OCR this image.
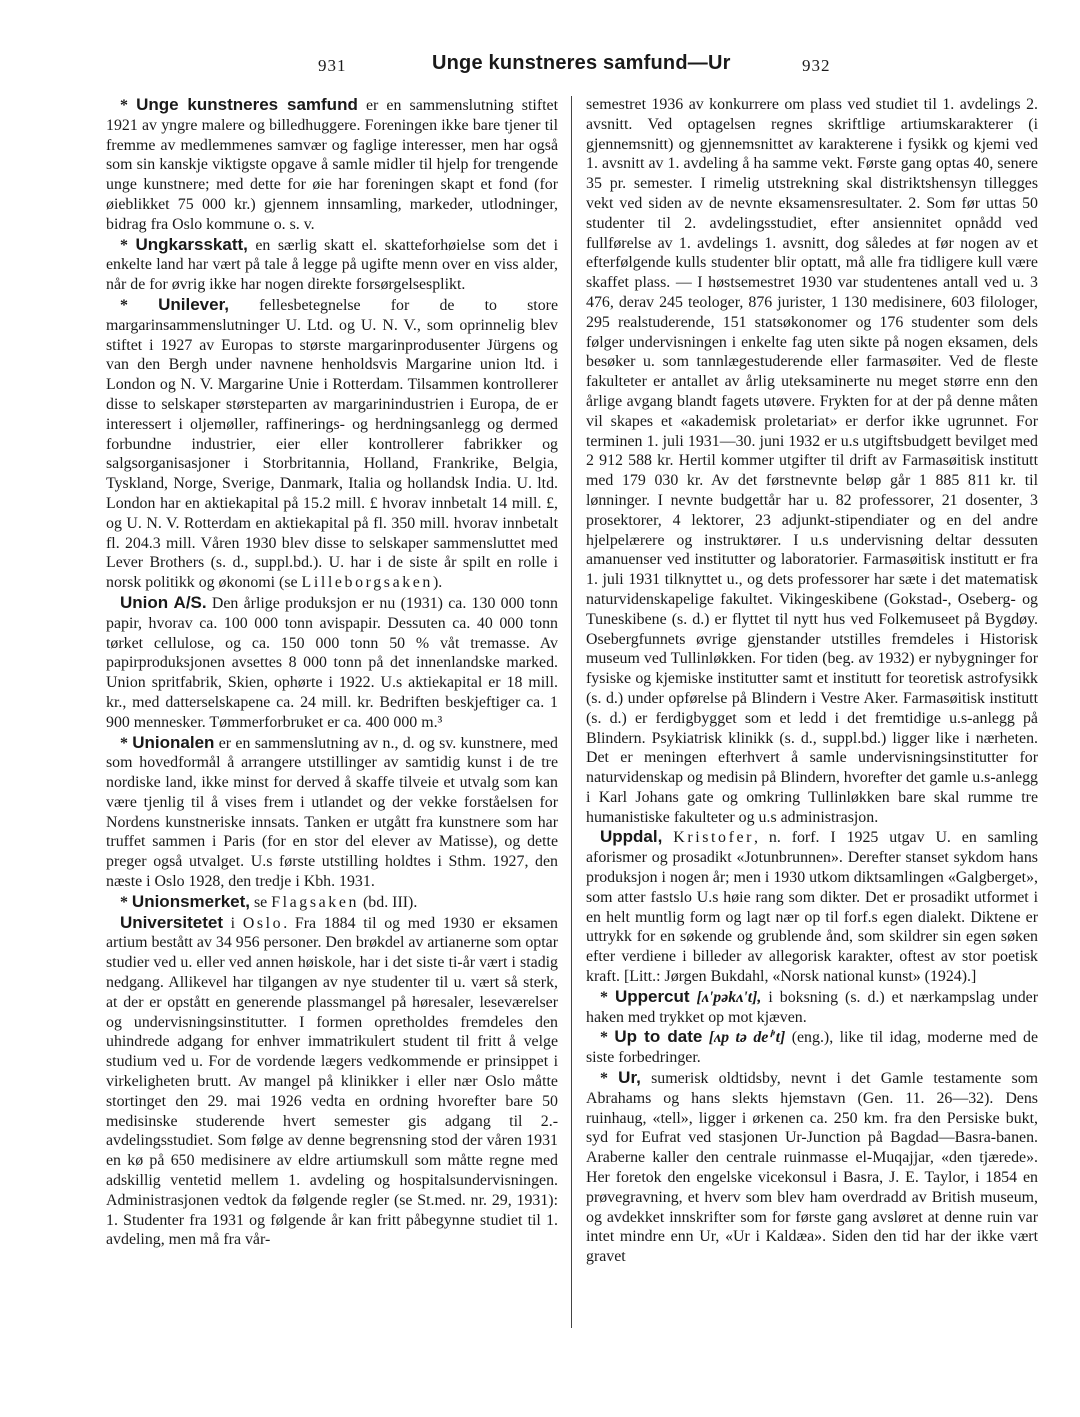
931	Unge kunstneres samfund—Ur	932

* Unge kunstneres samfund er en sammenslutning stiftet 1921 av yngre malere og billedhuggere. Foreningen ikke bare tjener til fremme av medlemmenes samvær og faglige interesser, men har også som sin kanskje viktigste opgave å samle midler til hjelp for trengende unge kunstnere; med dette for øie har foreningen skapt et fond (for øieblikket 75 000 kr.) gjennem innsamling, markeder, utlodninger, bidrag fra Oslo kommune o. s. v.

* Ungkarsskatt, en særlig skatt el. skatteforhøielse som det i enkelte land har vært på tale å legge på ugifte menn over en viss alder, når de for øvrig ikke har nogen direkte forsørgelsesplikt.

* Unilever, fellesbetegnelse for de to store margarinsammenslutninger U. Ltd. og U. N. V., som oprinnelig blev stiftet i 1927 av Europas to største margarinprodusenter Jürgens og van den Bergh under navnene henholdsvis Margarine union ltd. i London og N. V. Margarine Unie i Rotterdam. Tilsammen kontrollerer disse to selskaper størsteparten av margarinindustrien i Europa, de er interessert i oljemøller, raffinerings- og herdningsanlegg og dermed forbundne industrier, eier eller kontrollerer fabrikker og salgsorganisasjoner i Storbritannia, Holland, Frankrike, Belgia, Tyskland, Norge, Sverige, Danmark, Italia og hollandsk India. U. ltd. London har en aktiekapital på 15.2 mill. £ hvorav innbetalt 14 mill. £, og U. N. V. Rotterdam en aktiekapital på fl. 350 mill. hvorav innbetalt fl. 204.3 mill. Våren 1930 blev disse to selskaper sammensluttet med Lever Brothers (s. d., suppl.bd.). U. har i de siste år spilt en rolle i norsk politikk og økonomi (se Lilleborgsaken).

Union A/S. Den årlige produksjon er nu (1931) ca. 130 000 tonn papir, hvorav ca. 100 000 tonn avispapir. Dessuten ca. 40 000 tonn tørket cellulose, og ca. 150 000 tonn 50 % våt tremasse. Av papirproduksjonen avsettes 8 000 tonn på det innenlandske marked. Union spritfabrik, Skien, ophørte i 1922. U.s aktiekapital er 18 mill. kr., med datterselskapene ca. 24 mill. kr. Bedriften beskjeftiger ca. 1 900 mennesker. Tømmerforbruket er ca. 400 000 m.³

* Unionalen er en sammenslutning av n., d. og sv. kunstnere, med som hovedformål å arrangere utstillinger av samtidig kunst i de tre nordiske land, ikke minst for derved å skaffe tilveie et utvalg som kan være tjenlig til å vises frem i utlandet og der vekke forståelsen for Nordens kunstneriske innsats. Tanken er utgått fra kunstnere som har truffet sammen i Paris (for en stor del elever av Matisse), og dette preger også utvalget. U.s første utstilling holdtes i Sthm. 1927, den næste i Oslo 1928, den tredje i Kbh. 1931.

* Unionsmerket, se Flagsaken (bd. III).

Universitetet i Oslo. Fra 1884 til og med 1930 er eksamen artium bestått av 34 956 personer. Den brøkdel av artianerne som optar studier ved u. eller ved annen høiskole, har i det siste ti-år vært i stadig nedgang. Allikevel har tilgangen av nye studenter til u. vært så sterk, at der er opstått en generende plassmangel på høresaler, leseværelser og undervisningsinstitutter. I formen opretholdes fremdeles den uhindrede adgang for enhver immatrikulert student til fritt å velge studium ved u. For de vordende lægers vedkommende er prinsippet i virkeligheten brutt. Av mangel på klinikker i eller nær Oslo måtte stortinget den 29. mai 1926 vedta en ordning hvorefter bare 50 medisinske studerende hvert semester gis adgang til 2.-avdelingsstudiet. Som følge av denne begrensning stod der våren 1931 en kø på 650 medisinere av eldre artiumskull som måtte regne med adskillig ventetid mellem 1. avdeling og hospitalsundervisningen. Administrasjonen vedtok da følgende regler (se St.med. nr. 29, 1931): 1. Studenter fra 1931 og følgende år kan fritt påbegynne studiet til 1. avdeling, men må fra vår-

semestret 1936 av konkurrere om plass ved studiet til 1. avdelings 2. avsnitt. Ved optagelsen regnes skriftlige artiumskarakterer (i gjennemsnitt) og gjennemsnittet av karakterene i fysikk og kjemi ved 1. avsnitt av 1. avdeling å ha samme vekt. Første gang optas 40, senere 35 pr. semester. I rimelig utstrekning skal distriktshensyn tillegges vekt ved siden av de nevnte eksamensresultater. 2. Som før uttas 50 studenter til 2. avdelingsstudiet, efter ansiennitet opnådd ved fullførelse av 1. avdelings 1. avsnitt, dog således at før nogen av et efterfølgende kulls studenter blir optatt, må alle fra tidligere kull være skaffet plass. — I høstsemestret 1930 var studentenes antall ved u. 3 476, derav 245 teologer, 876 jurister, 1 130 medisinere, 603 filologer, 295 realstuderende, 151 statsøkonomer og 176 studenter som dels følger undervisningen i enkelte fag uten sikte på nogen eksamen, dels besøker u. som tannlægestuderende eller farmasøiter. Ved de fleste fakulteter er antallet av årlig uteksaminerte nu meget større enn den årlige avgang blandt fagets utøvere. Frykten for at der på denne måten vil skapes et «akademisk proletariat» er derfor ikke ugrunnet. For terminen 1. juli 1931—30. juni 1932 er u.s utgiftsbudgett bevilget med 2 912 588 kr. Hertil kommer utgifter til drift av Farmasøitisk institutt med 179 030 kr. Av det førstnevnte beløp går 1 885 811 kr. til lønninger. I nevnte budgettår har u. 82 professorer, 21 dosenter, 3 prosektorer, 4 lektorer, 23 adjunkt-stipendiater og en del andre hjelpelærere og instruktører. I u.s undervisning deltar dessuten amanuenser ved institutter og laboratorier. Farmasøitisk institutt er fra 1. juli 1931 tilknyttet u., og dets professorer har sæte i det matematisk naturvidenskapelige fakultet. Vikingeskibene (Gokstad-, Oseberg- og Tuneskibene (s. d.) er flyttet til nytt hus ved Folkemuseet på Bygdøy. Osebergfunnets øvrige gjenstander utstilles fremdeles i Historisk museum ved Tullinløkken. For tiden (beg. av 1932) er nybygninger for fysiske og kjemiske institutter samt et institutt for teoretisk astrofysikk (s. d.) under opførelse på Blindern i Vestre Aker. Farmasøitisk institutt (s. d.) er ferdigbygget som et ledd i det fremtidige u.s-anlegg på Blindern. Psykiatrisk klinikk (s. d., suppl.bd.) ligger like i nærheten. Det er meningen efterhvert å samle undervisningsinstitutter for naturvidenskap og medisin på Blindern, hvorefter det gamle u.s-anlegg i Karl Johans gate og omkring Tullinløkken bare skal rumme tre humanistiske fakulteter og u.s administrasjon.

Uppdal, Kristofer, n. forf. I 1925 utgav U. en samling aforismer og prosadikt «Jotunbrunnen». Derefter stanset sykdom hans produksjon i nogen år; men i 1930 utkom diktsamlingen «Galgberget», som atter fastslo U.s høie rang som dikter. Det er prosadikt utformet i en helt muntlig form og lagt nær op til forf.s egen dialekt. Diktene er uttrykk for en søkende og grublende ånd, som skildrer sin egen søken efter verdiene i billeder av allegorisk karakter, oftest av stor poetisk kraft. [Litt.: Jørgen Bukdahl, «Norsk national kunst» (1924).]

* Uppercut [ʌ'pəkʌ't], i boksning (s. d.) et nærkampslag under haken med trykket op mot kjæven.

* Up to date [ʌp tə deⁱ't] (eng.), like til idag, moderne med de siste forbedringer.

* Ur, sumerisk oldtidsby, nevnt i det Gamle testamente som Abrahams og hans slekts hjemstavn (Gen. 11. 26—32). Dens ruinhaug, «tell», ligger i ørkenen ca. 250 km. fra den Persiske bukt, syd for Eufrat ved stasjonen Ur-Junction på Bagdad—Basra-banen. Araberne kaller den centrale ruinmasse el-Muqajjar, «den tjærede». Her foretok den engelske vicekonsul i Basra, J. E. Taylor, i 1854 en prøvegravning, et hverv som blev ham overdradd av British museum, og avdekket innskrifter som for første gang avsløret at denne ruin var intet mindre enn Ur, «Ur i Kaldæa». Siden den tid har der ikke vært gravet
